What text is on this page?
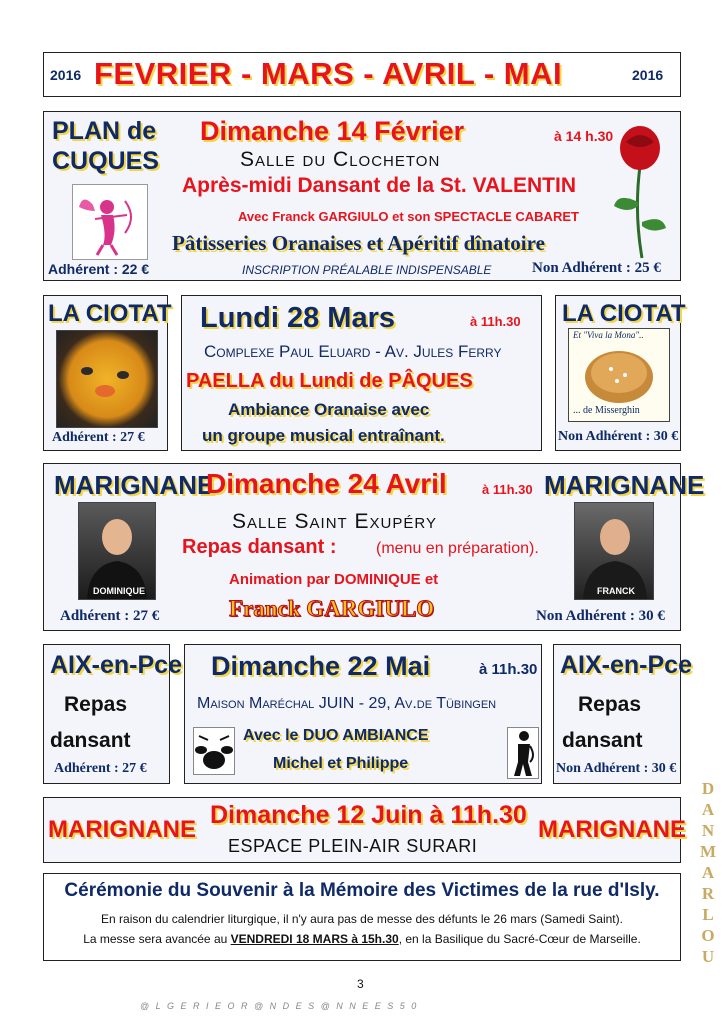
2016 FEVRIER - MARS - AVRIL - MAI	2016
PLAN de
CUQUES
Adhérent : 22 €
Dimanche 14 Février	à 14 h.30
Salle du Clocheton
Après-midi Dansant de la St. VALENTIN
Avec Franck GARGIULO et son SPECTACLE CABARET
Pâtisseries Oranaises et Apéritif dînatoire
INSCRIPTION PRÉALABLE INDISPENSABLE	Non Adhérent : 25 €
LA CIOTAT
Adhérent : 27 €
Lundi 28 Mars	à 11h.30
Complexe Paul Eluard - Av. Jules Ferry
PAELLA du Lundi de PÂQUES
Ambiance Oranaise avec
un groupe musical entraînant.
LA CIOTAT
Et "Viva la Mona"..
... de Misserghin
Non Adhérent : 30 €
MARIGNANE	MARIGNANE
Dimanche 24 Avril	à 11h.30
Salle Saint Exupéry
Repas dansant : (menu en préparation).
Animation par DOMINIQUE et
Franck GARGIULO
DOMINIQUE	FRANCK
Adhérent : 27 €	Non Adhérent : 30 €
AIX-en-Pce
Repas
dansant
Adhérent : 27 €
Dimanche 22 Mai	à 11h.30
Maison Maréchal JUIN - 29, Av.de Tübingen
Avec le DUO AMBIANCE
Michel et Philippe
AIX-en-Pce
Repas
dansant
Non Adhérent : 30 €
MARIGNANE
Dimanche 12 Juin à 11h.30
ESPACE PLEIN-AIR SURARI
MARIGNANE
Cérémonie du Souvenir à la Mémoire des Victimes de la rue d'Isly.
En raison du calendrier liturgique, il n'y aura pas de messe des défunts le 26 mars (Samedi Saint).
La messe sera avancée au VENDREDI 18 MARS à 15h.30, en la Basilique du Sacré-Cœur de Marseille.
3
@ L G E R I E O R @ N D E S @ N N E E S 5 0
DANMARLOU
